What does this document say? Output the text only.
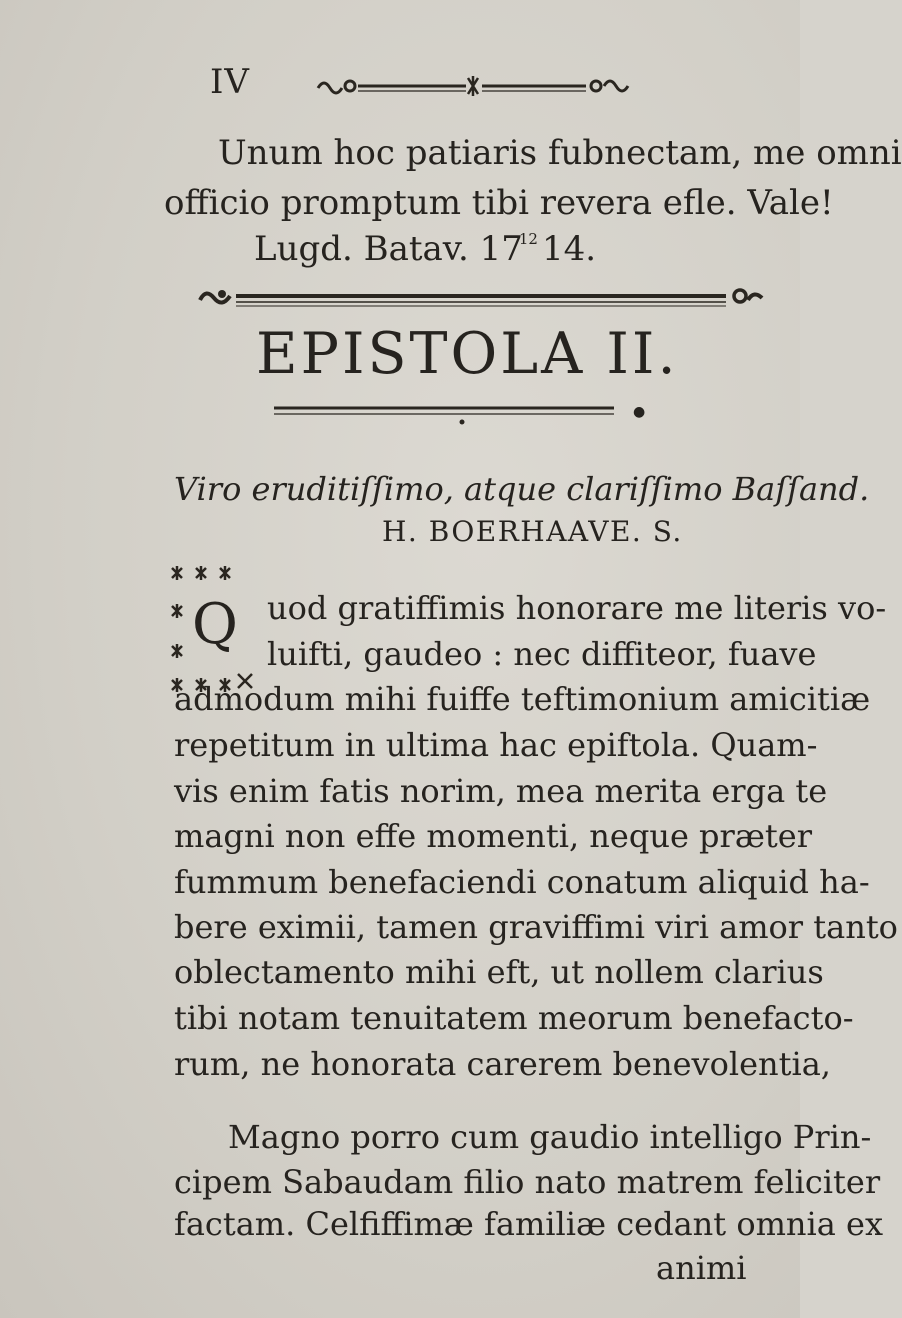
IV
Unum hoc patiaris fubnectam, me omni
officio promptum tibi revera efle. Vale!
Lugd. Batav. $17^{12}$ 14.
EPISTOLA II.
●
Viro eruditiſſimo, atque clariſſimo Baſſand.
H. BOERHAAVE. S.
Q uod gratiffimis honorare me literis vo-
luifti, gaudeo : nec diffiteor, fuave
admodum mihi fuiffe teftimonium amicitiæ
repetitum in ultima hac epiftola. Quam-
vis enim fatis norim, mea merita erga te
magni non effe momenti, neque præter
fummum benefaciendi conatum aliquid ha-
bere eximii, tamen graviffimi viri amor tanto
oblectamento mihi eft, ut nollem clarius
tibi notam tenuitatem meorum benefacto-
rum, ne honorata carerem benevolentia,
Magno porro cum gaudio intelligo Prin-
cipem Sabaudam filio nato matrem feliciter
factam. Celfiffimæ familiæ cedant omnia ex
animi
